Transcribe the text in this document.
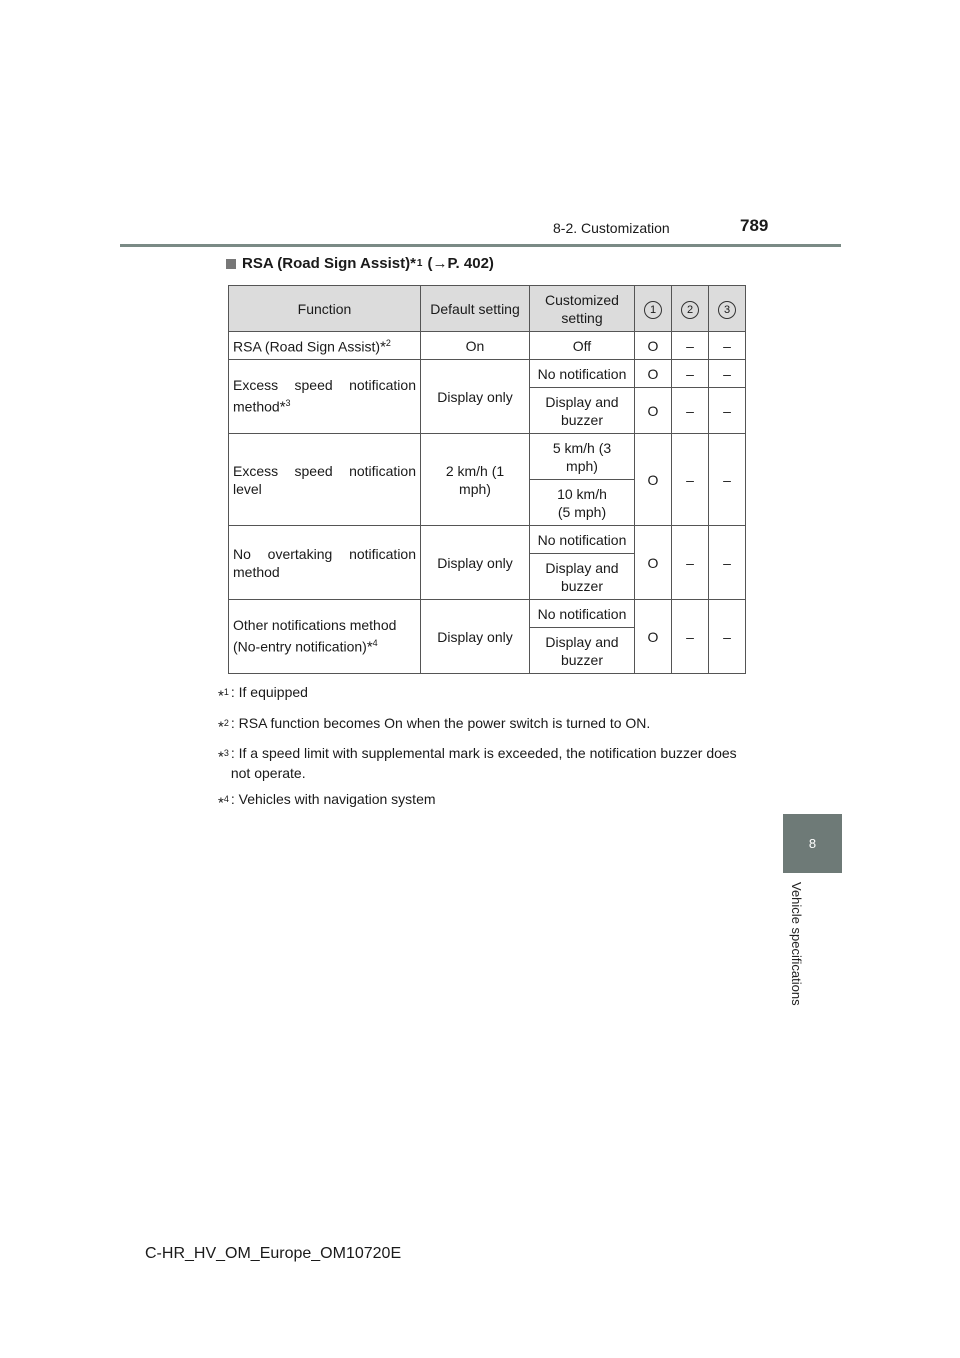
8-2. Customization	789
8
Vehicle specifications
RSA (Road Sign Assist) * 1 (→P. 402)
Function	Default setting	Customized setting	1	2	3
RSA (Road Sign Assist)*$^2$	On	Off	O	–	–
Excess speed notification method*$^3$	Display only	No notification	O	–	–
		Display and buzzer	O	–	–
Excess speed notification level	2 km/h (1 mph)	5 km/h (3 mph)	O	–	–
		10 km/h (5 mph)			
No overtaking notification method	Display only	No notification	O	–	–
		Display and buzzer			
Other notifications method (No-entry notification)*$^4$	Display only	No notification	O	–	–
		Display and buzzer			
*$^1$ : If equipped
*$^2$ : RSA function becomes On when the power switch is turned to ON.
*$^3$ : If a speed limit with supplemental mark is exceeded, the notification buzzer does not operate.
*$^4$ : Vehicles with navigation system
C-HR_HV_OM_Europe_OM10720E
